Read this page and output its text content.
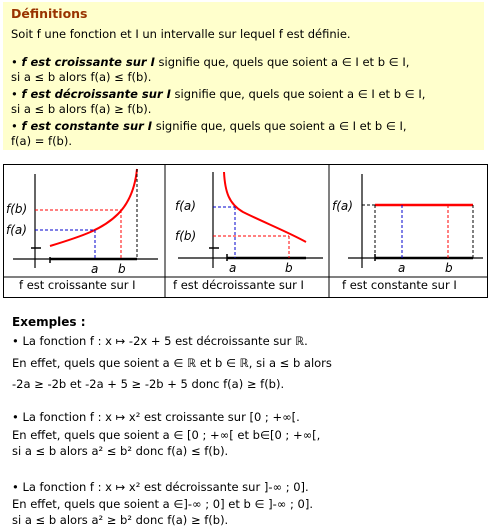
Définitions
Soit f une fonction et I un intervalle sur lequel f est définie.
• f est croissante sur I signifie que, quels que soient a ∈ I et b ∈ I,
si a ≤ b alors f(a) ≤ f(b).
• f est décroissante sur I signifie que, quels que soient a ∈ I et b ∈ I,
si a ≤ b alors f(a) ≥ f(b).
• f est constante sur I signifie que, quels que soient a ∈ I et b ∈ I,
f(a) = f(b).
f(b)
f(a)
a b
f(a)
f(b)
a	b
f(a)
a	b
f est croissante sur I	f est décroissante sur I	f est constante sur I
Exemples :
• La fonction f : x ↦ -2x + 5 est décroissante sur ℝ.
En effet, quels que soient a ∈ ℝ et b ∈ ℝ, si a ≤ b alors
-2a ≥ -2b et -2a + 5 ≥ -2b + 5 donc f(a) ≥ f(b).
• La fonction f : x ↦ x² est croissante sur [0 ; +∞[.
En effet, quels que soient a ∈ [0 ; +∞[ et b∈[0 ; +∞[,
si a ≤ b alors a² ≤ b² donc f(a) ≤ f(b).
• La fonction f : x ↦ x² est décroissante sur ]-∞ ; 0].
En effet, quels que soient a ∈]-∞ ; 0] et b ∈ ]-∞ ; 0].
si a ≤ b alors a² ≥ b² donc f(a) ≥ f(b).
